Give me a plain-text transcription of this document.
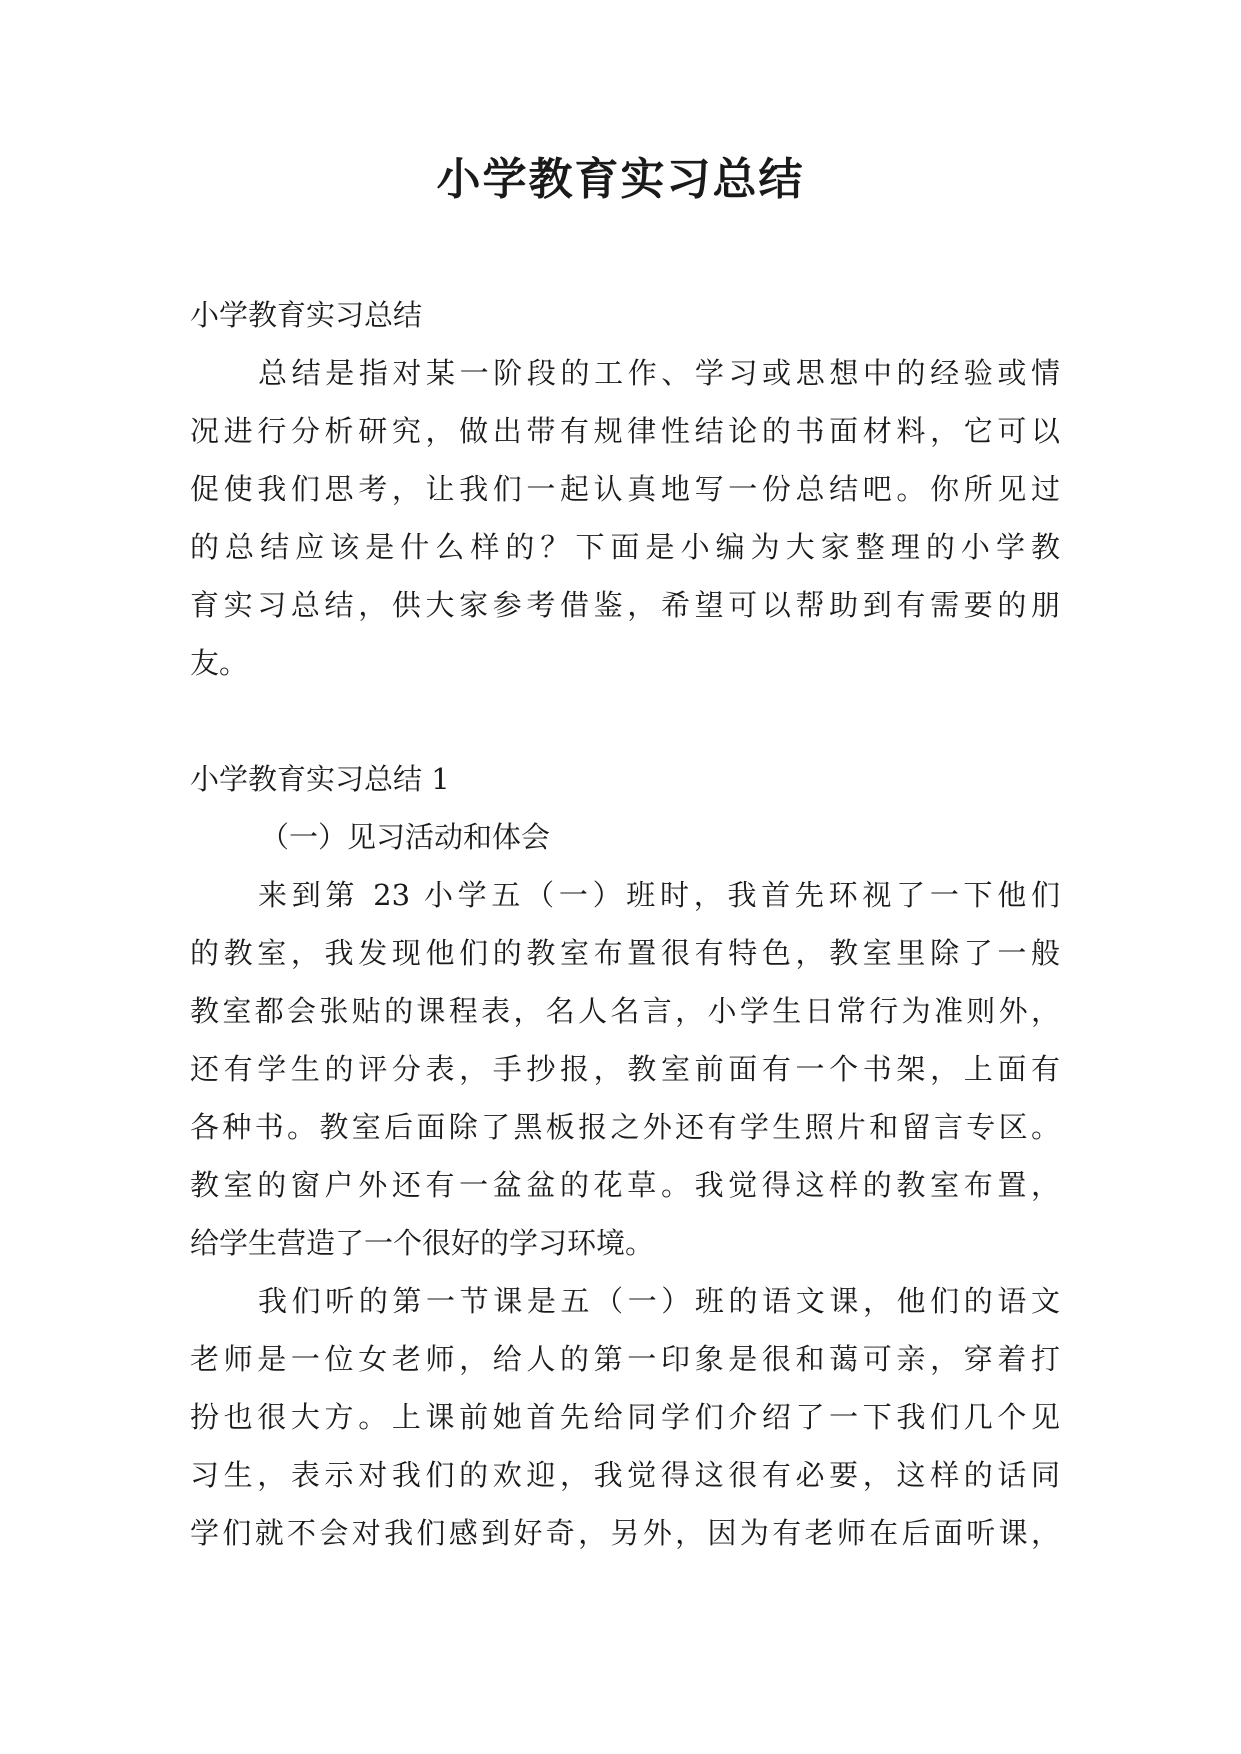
小学教育实习总结
小学教育实习总结
总结是指对某一阶段的工作、学习或思想中的经验或情
况进行分析研究，做出带有规律性结论的书面材料，它可以
促使我们思考，让我们一起认真地写一份总结吧。你所见过
的总结应该是什么样的？下面是小编为大家整理的小学教
育实习总结，供大家参考借鉴，希望可以帮助到有需要的朋
友。
小学教育实习总结 1
（一）见习活动和体会
来到第 23 小学五（一）班时，我首先环视了一下他们
的教室，我发现他们的教室布置很有特色，教室里除了一般
教室都会张贴的课程表，名人名言，小学生日常行为准则外，
还有学生的评分表，手抄报，教室前面有一个书架，上面有
各种书。教室后面除了黑板报之外还有学生照片和留言专区。
教室的窗户外还有一盆盆的花草。我觉得这样的教室布置，
给学生营造了一个很好的学习环境。
我们听的第一节课是五（一）班的语文课，他们的语文
老师是一位女老师，给人的第一印象是很和蔼可亲，穿着打
扮也很大方。上课前她首先给同学们介绍了一下我们几个见
习生，表示对我们的欢迎，我觉得这很有必要，这样的话同
学们就不会对我们感到好奇，另外，因为有老师在后面听课，
